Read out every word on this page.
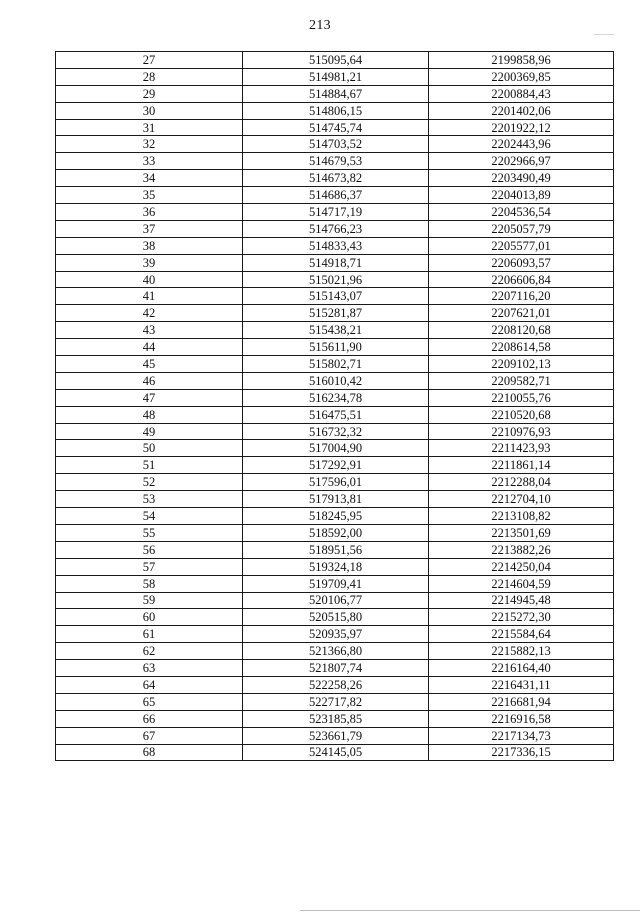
213
27	515095,64	2199858,96
28	514981,21	2200369,85
29	514884,67	2200884,43
30	514806,15	2201402,06
31	514745,74	2201922,12
32	514703,52	2202443,96
33	514679,53	2202966,97
34	514673,82	2203490,49
35	514686,37	2204013,89
36	514717,19	2204536,54
37	514766,23	2205057,79
38	514833,43	2205577,01
39	514918,71	2206093,57
40	515021,96	2206606,84
41	515143,07	2207116,20
42	515281,87	2207621,01
43	515438,21	2208120,68
44	515611,90	2208614,58
45	515802,71	2209102,13
46	516010,42	2209582,71
47	516234,78	2210055,76
48	516475,51	2210520,68
49	516732,32	2210976,93
50	517004,90	2211423,93
51	517292,91	2211861,14
52	517596,01	2212288,04
53	517913,81	2212704,10
54	518245,95	2213108,82
55	518592,00	2213501,69
56	518951,56	2213882,26
57	519324,18	2214250,04
58	519709,41	2214604,59
59	520106,77	2214945,48
60	520515,80	2215272,30
61	520935,97	2215584,64
62	521366,80	2215882,13
63	521807,74	2216164,40
64	522258,26	2216431,11
65	522717,82	2216681,94
66	523185,85	2216916,58
67	523661,79	2217134,73
68	524145,05	2217336,15
